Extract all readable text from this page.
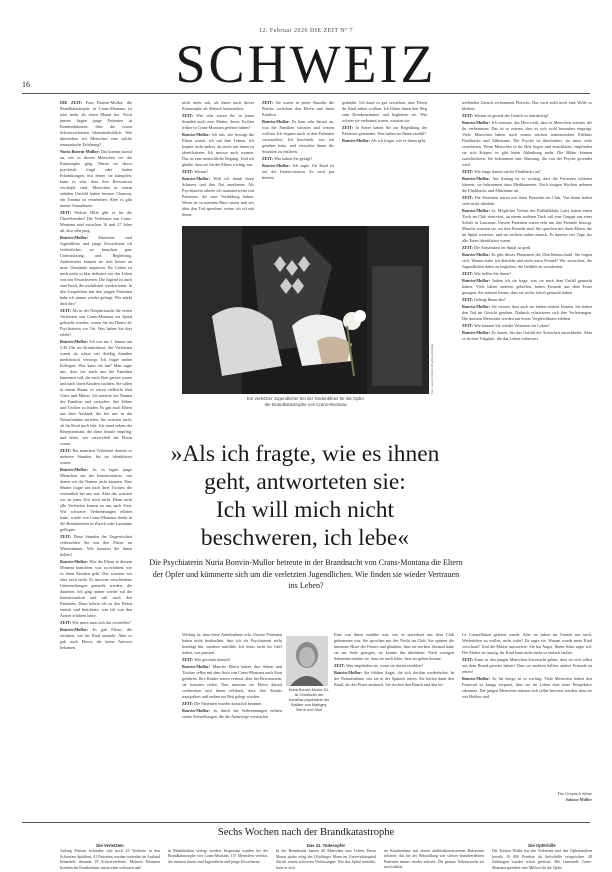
12. Februar 2026 DIE ZEIT Nº 7
SCHWEIZ
16

DIE ZEIT: Frau Bonvin-Mullor, die Brandkatastrophe in Crans-Montana ist jetzt mehr als einen Monat her. Noch immer liegen junge Patienten in Krankenhäusern, über die ersten Schwerverletzten lebensbedrohlich. Wie überstehen wir Menschen eine solche traumatische Erfahrung?

Nuria Bonvin-Mullor: Das kommt darauf an, wie es diesen Menschen vor der Katastrophe ging. Waren sie davor psychisch fragil oder hatten Erkrankungen, mit denen sie kämpften, kann es sein, dass ihre Ressourcen erschöpft sind. Menschen in einem stabilen Umfeld haben bessere Chancen, ein Trauma zu verarbeiten. Aber es gibt immer Ausnahmen.

ZEIT: Welche Hilfe gibt es für die Überlebenden? Die Verletzten von Crans-Montana sind zwischen 16 und 27 Jahre alt, also sehr jung.

Bonvin-Mullor: Einerseits sind Jugendliche und junge Erwachsene oft verletzlicher, sie brauchen gute Unterstützung und Begleitung. Andererseits können sie sich besser an neue Umstände anpassen. Ihr Leben ist noch nicht so klar definiert wie das Leben von uns Erwachsenen. Die Jugend ist auch eine Kraft, die mobilisiert werden kann. In den Gesprächen mit den jungen Patienten habe ich immer wieder gefragt: Wie stärkt dich das?

ZEIT: Als in der Neujahrsnacht die ersten Verletzten von Crans-Montana ins Spital gebracht wurden, waren Sie im Dienst als Psychiaterin vor Ort. Was haben Sie dort erlebt?

Bonvin-Mullor: Ich war am 1. Januar um 5.30 Uhr im Krankenhaus, die Verletzten waren da schon seit dreißig Stunden medizinisch versorgt. Ich fragte meine Kollegen: Was kann ich tun? Man sagte mir, dass ich mich um die Familien kümmern soll, die nach Sion gereist waren und nach ihren Kindern suchten. Sie saßen in einem Raum, es waren vielleicht fünf Väter und Mütter. Ich notierte die Namen der Familien und versuchte, ihre Söhne und Töchter zu finden. Es gab auch Eltern aus dem Ausland, die bei uns in der Notaufnahme anriefen. Sie wussten nicht, ob ihr Kind noch lebt. Ich stand neben der Rezeptionistin, die diese Anrufe empfing, und hörte, wie verzweifelt die Eltern waren.

ZEIT: Bei manchen Verletzten dauerte es mehrere Stunden, bis sie identifiziert waren.

Bonvin-Mullor: Ja, es lagen junge Menschen auf der Intensivstation, von denen wir die Namen nicht kannten. Eine Mutter fragte uns nach ihrer Tochter, die vermutlich bei uns war. Aber das wussten wir zu jener Zeit noch nicht. Denn nicht alle Verletzten kamen zu uns nach Sion. Wir schwerer Verbrennungen erlitten hatte, wurde von Crans-Montana direkt in die Brandzentren in Zürich oder Lausanne geflogen.

ZEIT: Diese Stunden der Ungewissheit verbrachten Sie mit den Eltern im Wartezimmer. Wie konnten Sie ihnen helfen?

Bonvin-Mullor: Was die Eltern in diesem Moment brauchten, war, zu erfahren, wie es ihren Kindern geht. Das wussten wir aber noch nicht. Es mussten verschiedene Untersuchungen gemacht werden, die dauerten. Ich ging immer wieder auf die Intensivstation und sah nach den Patienten. Dann kehrte ich zu den Eltern zurück und berichtete, was ich von den Ärzten erfahren hatte.

ZEIT: Wie muss man sich das vorstellen?

Bonvin-Mullor: Es gab Eltern, die erfuhren, wie ihr Kind aussieht. Aber es gab auch Eltern, die keine Antwort bekamen.

nicht mehr sah, als ihnen nach dieser Katastrophe als Mensch beizustehen.

ZEIT: Wie sehr waren Sie in jenen Stunden auch eine Mutter, deren Tochter früher in Crans-Montana gefeiert haben?

Bonvin-Mullor: Ich sah, wie besorgt die Eltern waren, ich sah ihre Tränen. Ich konnte nicht anders, als mich mit ihnen zu identifizieren. Ich musste auch weinen. Das ist eine menschliche Regung. Und ich glaube, dass sie für die Eltern wichtig war.

ZEIT: Warum?

Bonvin-Mullor: Weil ich damit ihren Schmerz und ihre Not anerkenne. Als Psychiaterin arbeite ich normalerweise mit Patienten, die eine Vorbildung haben. Wenn sie in meinem Büro sitzen und wir über den Tod sprechen, weine ich oft mit ihnen.

ZEIT: Sie waren in jenen Stunden die Brücke zwischen den Eltern und ihren Kindern.

Bonvin-Mullor: Es kam sehr darauf an, was die Familien wüssten und wissen wollten. Ich begann mich in den Patienten vorzustellen. Ich beschrieb, was ich gesehen hatte, und versuchte ihnen die Situation zu erklären.

ZEIT: Was haben Sie gesagt?

Bonvin-Mullor: Ich sagte: Ihr Kind ist auf der Intensivstation. Es wird gut betreut.

geduldet. Ich kann es gut verstehen, dass Eltern ihr Kind sehen wollten. Ich führte ihnen den Weg zum Krankenzimmer und begleitete sie. Wie schwer sie verbrannt waren, wussten sie.

ZEIT: In Sierre haben Sie zur Begrüßung der Patienten gestanden. Was haben sie Ihnen erzählt?

Bonvin-Mullor: Als ich fragte, wie es ihnen geht.

treffenden Geruch verbrannten Fleischs. Das wird wohl noch eine Weile so bleiben.

ZEIT: Warum ist gerade der Geruch so hartnäckig?

Bonvin-Mullor: Ich vermute, das Hirn weiß, dass es Menschen warnen, die ihr verbrannten. Das ist so extrem, dass es sich wohl besonders einprägt. Viele Menschen haben nach einem solchen traumatischen Erlebnis Flashbacks und Albträume. Die Psyche ist überfordert, sie muss viele verarbeiten. Wenn Menschen in ihr Bett liegen und einschlafen, empfinden sie sich Körper, es gibt keine Ablenkung mehr. Die Bilder können zurückkehren. Sie bekommen eine Warnung, die von der Psyche gesendet wird.

ZEIT: Wie lange dauert solche Flashbacks an?

Bonvin-Mullor: Am Anfang ist es wichtig, dass die Patienten schlafen können, sie bekommen dazu Medikamente. Nach einigen Wochen nehmen die Flashbacks und Albträume ab.

ZEIT: Die Patienten waren mit ihren Freunden im Club. Von ihnen haben viele nicht überlebt.

Bonvin-Mullor: Ja. Möglicher Verlust der Fußballklubs Lutry hatten einen Tisch im Club reserviert, an einem anderen Tisch saß eine Gruppe aus einer Schule in Lausanne. Unsere Patienten waren sehr um ihre Freunde besorgt. Manche wussten sie, wo ihre Freunde sind. Sie sprachen mit ihren Eltern, die im Spital warteten, und sie suchten online danach. Es dauerte vier Tage, bis alle Toten identifiziert waren.

ZEIT: Die Einsamkeit im Spital ist groß.

Bonvin-Mullor: Es gibt dieses Phänomen der Überlebensschuld. Sie fragen sich: Warum habe ich überlebt und nicht mein Freund? Wir versuchen, die Jugendlichen dabei zu begleiten, die Gefühle zu verarbeiten.

ZEIT: Wie helfen Sie ihnen?

Bonvin-Mullor: Indem ich sie frage, was sie nach dem Unfall gemacht haben. Viele haben anderen geholfen, haben Freunde aus dem Feuer gezogen. Sie müssen lernen, dass sie nichts falsch gemacht haben.

ZEIT: Gelingt Ihnen das?

Bonvin-Mullor: Sie wissen, dass auch sie hätten sterben können. Sie haben den Tod im Gesicht gesehen. Dadurch relativieren sich ihre Verletzungen. Die meisten Menschen werden nur etwas Vergleichbares erleben.

ZEIT: Wie können Sie wieder Vertrauen ins Leben?

Bonvin-Mullor: Es dauert, bis das Gefühl der Sicherheit zurückkehrt. Aber es ist eine Tätigkeit, die das Leben verbessert.

Wichtig ist, dass diese Anteilnahme echt. Unsere Patienten haben nicht beobachtet, dass ich als Psychiaterin nicht beruhigt bin, sondern mitfühle. Ich muss nicht im Griff haben, was passiert.

ZEIT: Was geschah danach?

Bonvin-Mullor: Manche Eltern hatten ihre Söhne und Töchter selbst mit dem Auto von Crans-Montana nach Sion gefahren. Ihre Kinder waren verletzt, aber bei Bewusstsein, sie konnten reden. Nun mussten sie Eltern darauf vorbereiten und ihnen erklären, dass ihre Kinder tranquiliert und sediert ins Bett gelegt wurden.

ZEIT: Die Patienten wurden künstlich beatmet.

Bonvin-Mullor: Ja, durch die Verbrennungen erlitten starke Schwellungen, die die Atemwege verstopfen.

Eine von ihnen erzählte mir, wie es unverletzt aus dem Club gekommen war. Sie sprachen mit der Nacht im Club. Sie spürten die immense Hitze des Feuers und glaubten, dass sie sterben. Jemand hatte sie zur Seite gezogen, sie konnte ihn überleben. Nach wenigen Sekunden merkte sie, dass sie noch lebte, dass sie gehen konnte.

ZEIT: Was empfinden sie, wenn sie davon erzählen?

Bonvin-Mullor: Sie fühlten Angst, die sich dorthin wiederholen. In der Notaufnahme, wie sie in der Spätzeit trafen. Sie hörten dann den Knall, als das Feuer ausbrach. Sie riechen den Rauch und den be-

Le Constellation gefeiert wurde. Aber sie haben im Grunde nur noch, Weiterleben zu wollen, nicht wahr? Da sagte sie: Warum wurde mein Kind verschont? Und die Mutter antwortete: Sie hat Angst. Ihrem Sohn sagte ich: Die Mutter ist traurig, ihr Kind kann nicht mehr so einfach laufen.

ZEIT: Kann es den jungen Menschen Zuversicht geben, dass sie sich selbst aus dem Brand gerettet haben? Dass sie anderen halfen, andere Freunde zu retten?

Bonvin-Mullor: Ja, für einige ist es wichtig. Viele Menschen haben den Feuertod so knapp verpasst, dass sie im Leben eine neue Perspektive erkennen. Die jungen Menschen müssen sich selbst bewusst werden, dass sie wie Helden sind.

Ein verletzter Jugendlicher bei der Gedenkfeier für die Opfer
der Brandkatastrophe von Crans-Montana
Foto: Laurent Gillieron/Keystone/AP/dpa
»Als ich fragte, wie es ihnen
geht, antworteten sie:
Ich will mich nicht
beschweren, ich lebe«
Die Psychiaterin Nuria Bonvin-Mullor betreute in der Brandnacht von Crans-Montana die Eltern der Opfer und kümmerte sich um die verletzten Jugendlichen. Wie finden sie wieder Vertrauen ins Leben?
Nuria Bonvin-Mullor, 61, ist Chefärztin der Konsiliar-psychiatrie der Spitäler von Martigny, Sierre und Sion
Das Gespräch führte
Salome Müller
Sechs Wochen nach der Brandkatastrophe
Die Verletzten
Anfang Februar befanden sich noch 23 Verletzte in den Schweizer Spitälern, 41 Patienten wurden weiterhin im Ausland behandelt, darunter 19 Schwerverletzte. Mehrere Patienten konnten die Krankenhaus inzwischen verlassen und
in Rehakliniken verlegt werden. Insgesamt wurden bei der Brandkatastrophe von Crans-Montana 115 Menschen verletzt, die meisten davon sind Jugendliche und junge Erwachsene.
Das 41. Todesopfer
In der Brandnacht kamen 40 Menschen ums Leben. Einen Monat später erlag ein 18-jähriger Mann im Universitätsspital Zürich seinen schweren Verletzungen. Wie das Spital mitteilte, hatte er sich
im Krankenhaus mit einem antibiotikaresistenten Bakterium infiziert, das bei der Behandlung von schwer brandverletzten Patienten immer wieder auftrete. Die genaue Todesursache sei noch unklar.
Die Opferhilfe
Der Kanton Wallis hat den Verletzten und den Opferfamilien jeweils 10 000 Franken als Soforthilfe versprochen. 48 Zahlungen wurden schon geleistet. Die Gemeinde Crans-Montana spendete eine Million für die Opfer.
